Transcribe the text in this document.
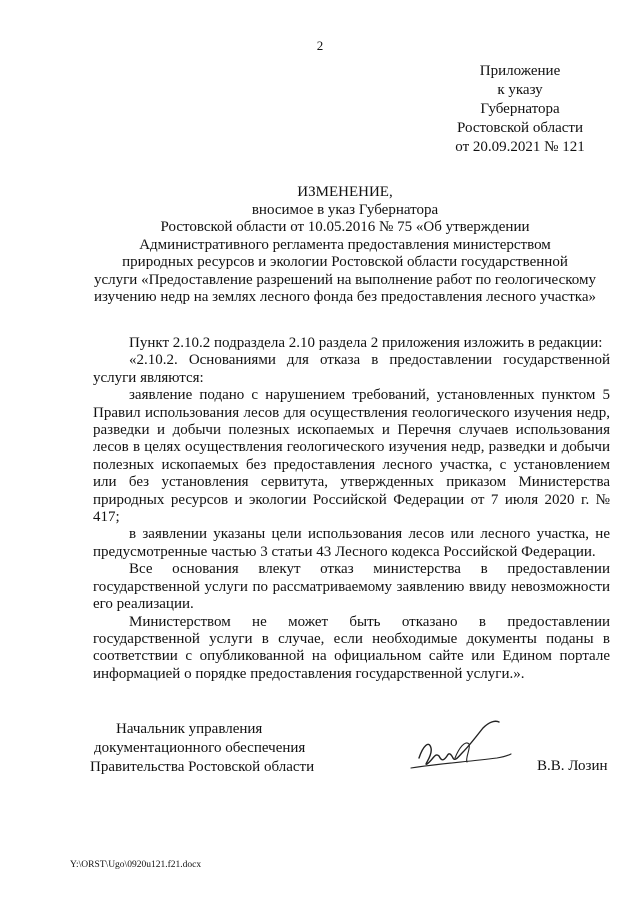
2
Приложение
к указу
Губернатора
Ростовской области
от 20.09.2021 № 121
ИЗМЕНЕНИЕ,
вносимое в указ Губернатора
Ростовской области от 10.05.2016 № 75 «Об утверждении
Административного регламента предоставления министерством
природных ресурсов и экологии Ростовской области государственной
услуги «Предоставление разрешений на выполнение работ по геологическому
изучению недр на землях лесного фонда без предоставления лесного участка»

Пункт 2.10.2 подраздела 2.10 раздела 2 приложения изложить в редакции:

«2.10.2. Основаниями для отказа в предоставлении государственной услуги являются:

заявление подано с нарушением требований, установленных пунктом 5 Правил использования лесов для осуществления геологического изучения недр, разведки и добычи полезных ископаемых и Перечня случаев использования лесов в целях осуществления геологического изучения недр, разведки и добычи полезных ископаемых без предоставления лесного участка, с установлением или без установления сервитута, утвержденных приказом Министерства природных ресурсов и экологии Российской Федерации от 7 июля 2020 г. № 417;

в заявлении указаны цели использования лесов или лесного участка, не предусмотренные частью 3 статьи 43 Лесного кодекса Российской Федерации.

Все основания влекут отказ министерства в предоставлении государственной услуги по рассматриваемому заявлению ввиду невозможности его реализации.

Министерством не может быть отказано в предоставлении государственной услуги в случае, если необходимые документы поданы в соответствии с опубликованной на официальном сайте или Едином портале информацией о порядке предоставления государственной услуги.».

Начальник управления
документационного обеспечения
Правительства Ростовской области	В.В. Лозин
Y:\ORST\Ugo\0920u121.f21.docx
